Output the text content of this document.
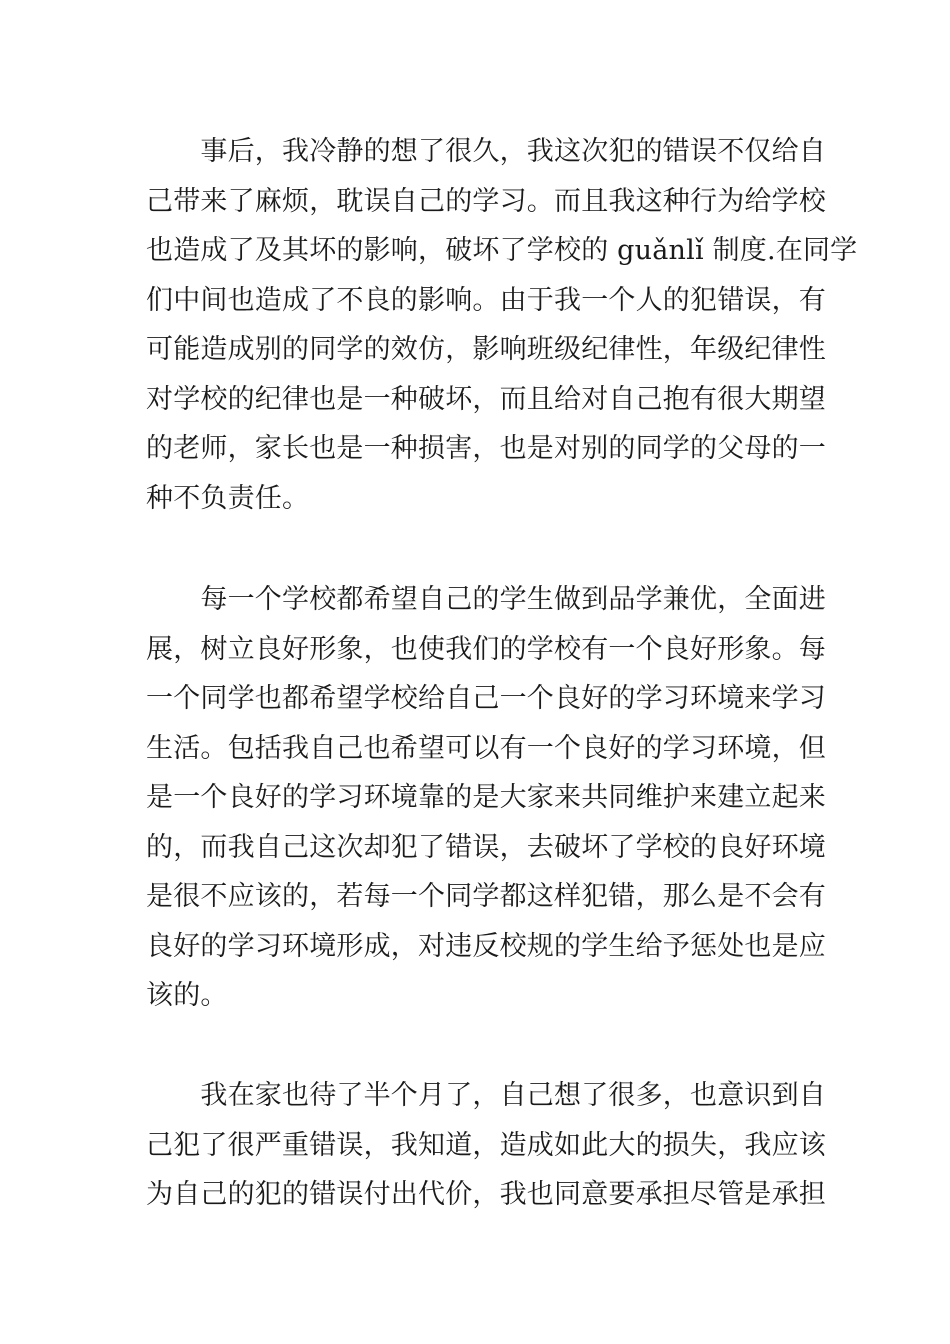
　　事后，我冷静的想了很久，我这次犯的错误不仅给自
己带来了麻烦，耽误自己的学习。而且我这种行为给学校
也造成了及其坏的影响，破坏了学校的 guǎnlǐ 制度.在同学
们中间也造成了不良的影响。由于我一个人的犯错误，有
可能造成别的同学的效仿，影响班级纪律性，年级纪律性
对学校的纪律也是一种破坏，而且给对自己抱有很大期望
的老师，家长也是一种损害，也是对别的同学的父母的一
种不负责任。
　　每一个学校都希望自己的学生做到品学兼优，全面进
展，树立良好形象，也使我们的学校有一个良好形象。每
一个同学也都希望学校给自己一个良好的学习环境来学习
生活。包括我自己也希望可以有一个良好的学习环境，但
是一个良好的学习环境靠的是大家来共同维护来建立起来
的，而我自己这次却犯了错误，去破坏了学校的良好环境
是很不应该的，若每一个同学都这样犯错，那么是不会有
良好的学习环境形成，对违反校规的学生给予惩处也是应
该的。
　　我在家也待了半个月了，自己想了很多，也意识到自
己犯了很严重错误，我知道，造成如此大的损失，我应该
为自己的犯的错误付出代价，我也同意要承担尽管是承担
